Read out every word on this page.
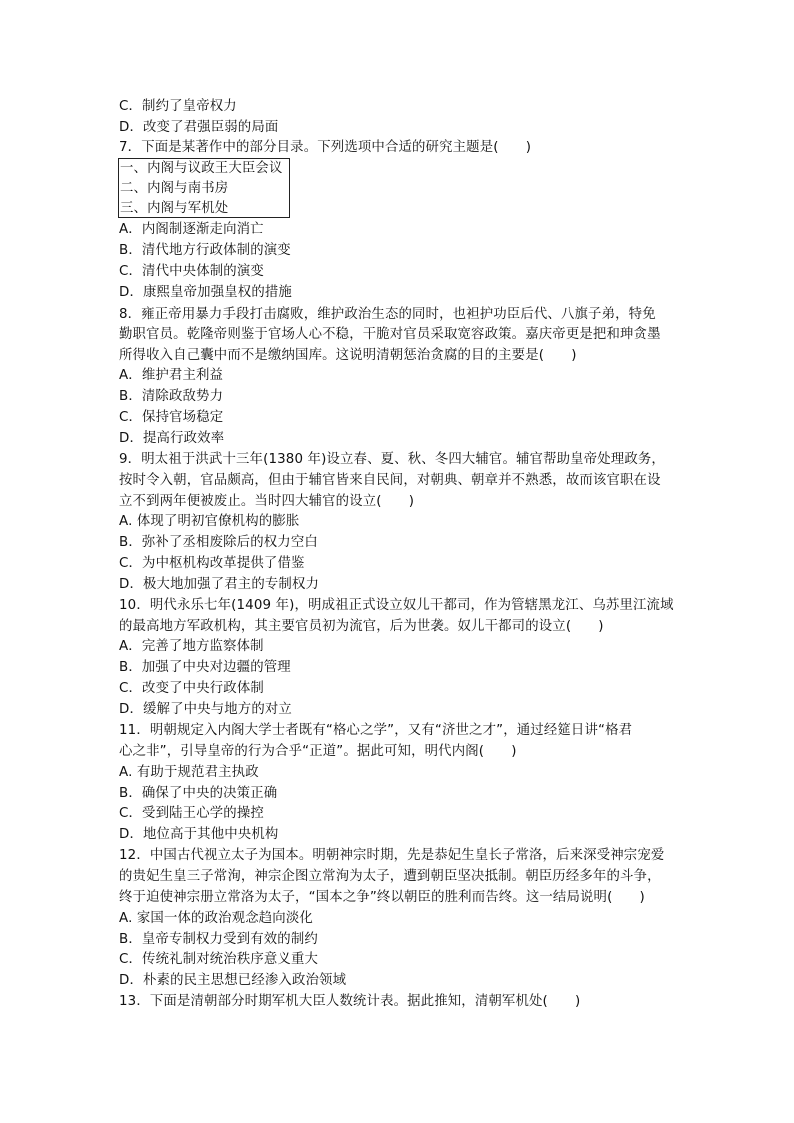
C．制约了皇帝权力
D．改变了君强臣弱的局面
7．下面是某著作中的部分目录。下列选项中合适的研究主题是(　　)
一、内阁与议政王大臣会议
二、内阁与南书房
三、内阁与军机处
A．内阁制逐渐走向消亡
B．清代地方行政体制的演变
C．清代中央体制的演变
D．康熙皇帝加强皇权的措施
8．雍正帝用暴力手段打击腐败，维护政治生态的同时，也袒护功臣后代、八旗子弟，特免
勤职官员。乾隆帝则鉴于官场人心不稳，干脆对官员采取宽容政策。嘉庆帝更是把和珅贪墨
所得收入自己囊中而不是缴纳国库。这说明清朝惩治贪腐的目的主要是(　　)
A．维护君主利益
B．清除政敌势力
C．保持官场稳定
D．提高行政效率
9．明太祖于洪武十三年(1380 年)设立春、夏、秋、冬四大辅官。辅官帮助皇帝处理政务，
按时令入朝，官品颇高，但由于辅官皆来自民间，对朝典、朝章并不熟悉，故而该官职在设
立不到两年便被废止。当时四大辅官的设立(　　)
A. 体现了明初官僚机构的膨胀
B．弥补了丞相废除后的权力空白
C．为中枢机构改革提供了借鉴
D．极大地加强了君主的专制权力
10．明代永乐七年(1409 年)，明成祖正式设立奴儿干都司，作为管辖黑龙江、乌苏里江流域
的最高地方军政机构，其主要官员初为流官，后为世袭。奴儿干都司的设立(　　)
A．完善了地方监察体制
B．加强了中央对边疆的管理
C．改变了中央行政体制
D．缓解了中央与地方的对立
11．明朝规定入内阁大学士者既有“格心之学”，又有“济世之才”，通过经筵日讲“格君
心之非”，引导皇帝的行为合乎“正道”。据此可知，明代内阁(　　)
A. 有助于规范君主执政
B．确保了中央的决策正确
C．受到陆王心学的操控
D．地位高于其他中央机构
12．中国古代视立太子为国本。明朝神宗时期，先是恭妃生皇长子常洛，后来深受神宗宠爱
的贵妃生皇三子常洵，神宗企图立常洵为太子，遭到朝臣坚决抵制。朝臣历经多年的斗争，
终于迫使神宗册立常洛为太子，“国本之争”终以朝臣的胜利而告终。这一结局说明(　　)
A. 家国一体的政治观念趋向淡化
B．皇帝专制权力受到有效的制约
C．传统礼制对统治秩序意义重大
D．朴素的民主思想已经渗入政治领域
13．下面是清朝部分时期军机大臣人数统计表。据此推知，清朝军机处(　　)
